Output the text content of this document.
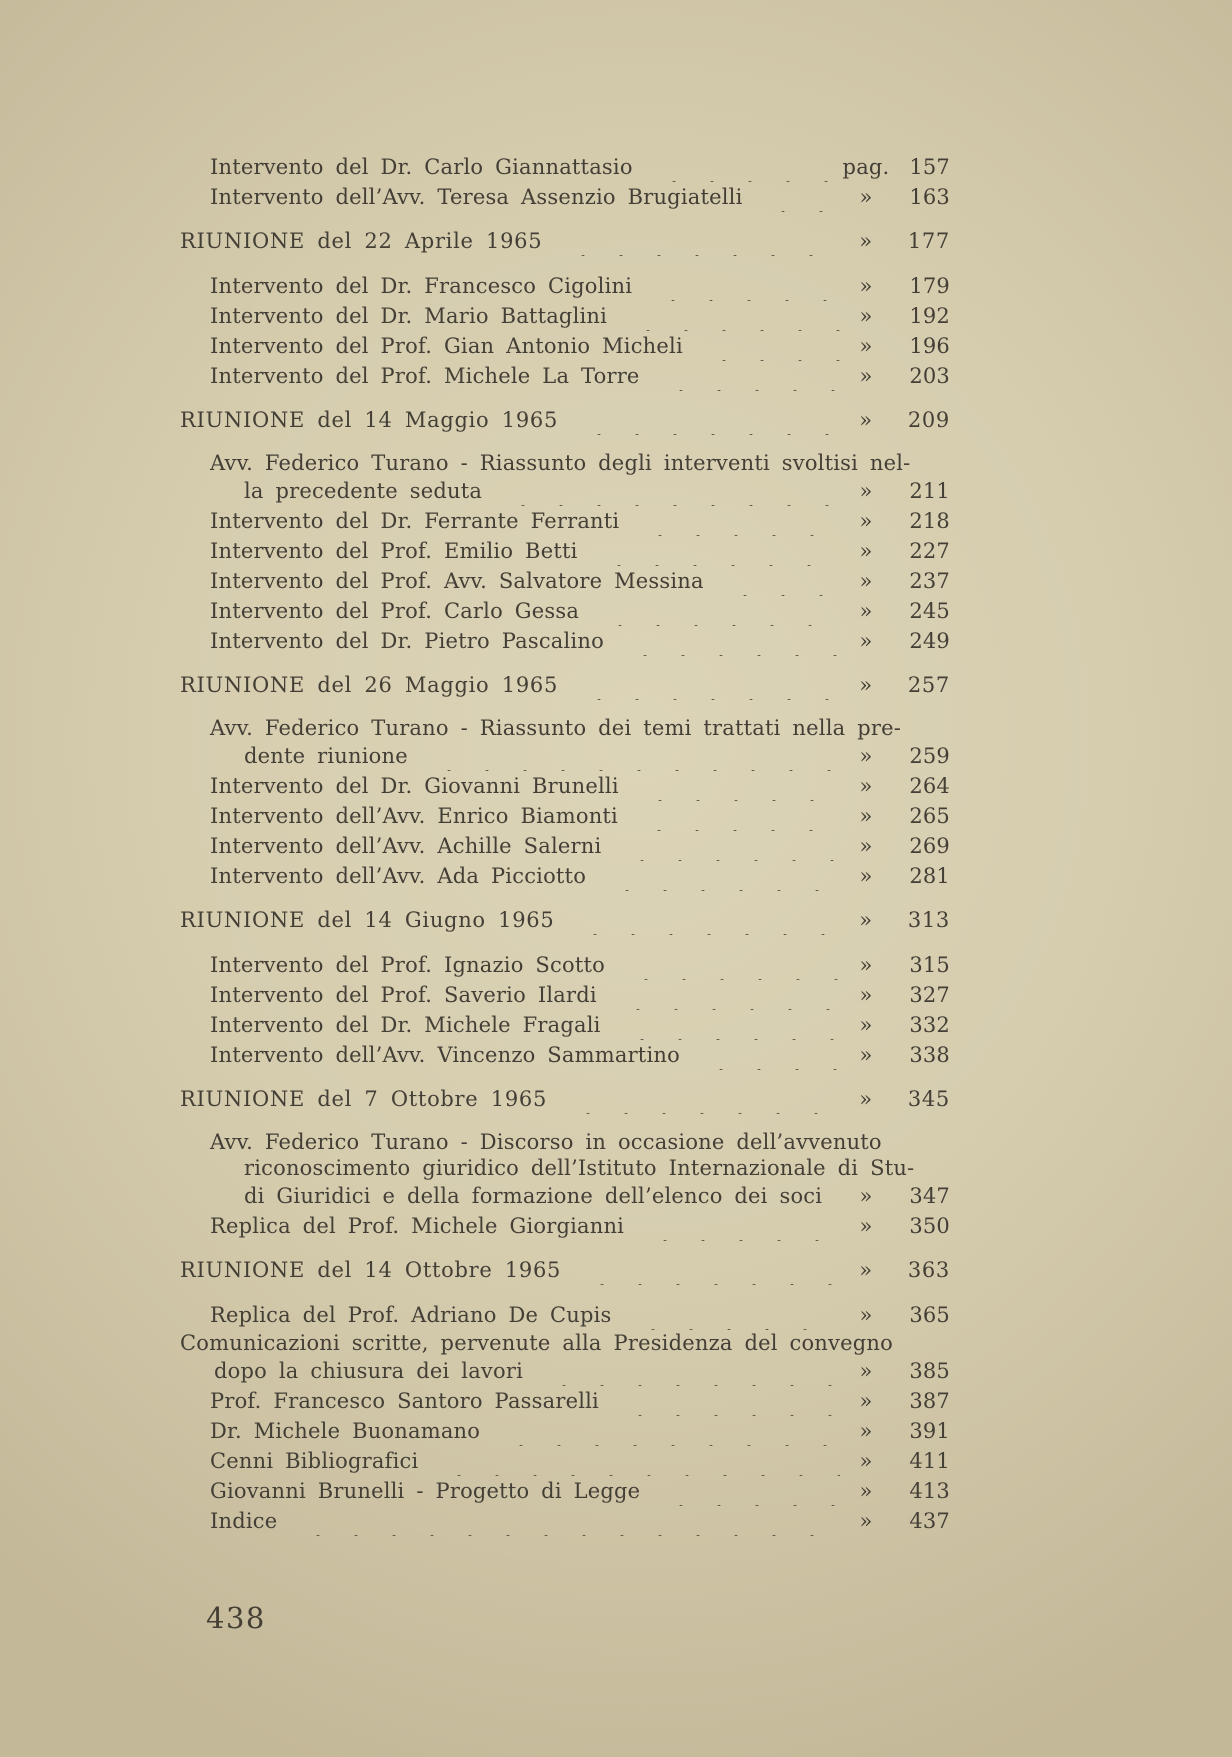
Intervento del Dr. Carlo Giannattasio	pag. 157
Intervento dell’Avv. Teresa Assenzio Brugiatelli	»	163
RIUNIONE del 22 Aprile 1965	»	177
Intervento del Dr. Francesco Cigolini	»	179
Intervento del Dr. Mario Battaglini	»	192
Intervento del Prof. Gian Antonio Micheli	»	196
Intervento del Prof. Michele La Torre	»	203
RIUNIONE del 14 Maggio 1965	»	209
Avv. Federico Turano - Riassunto degli interventi svoltisi nel-
la precedente seduta	»	211
Intervento del Dr. Ferrante Ferranti	»	218
Intervento del Prof. Emilio Betti	»	227
Intervento del Prof. Avv. Salvatore Messina	»	237
Intervento del Prof. Carlo Gessa	»	245
Intervento del Dr. Pietro Pascalino	»	249
RIUNIONE del 26 Maggio 1965	»	257
Avv. Federico Turano - Riassunto dei temi trattati nella pre-
dente riunione	»	259
Intervento del Dr. Giovanni Brunelli	»	264
Intervento dell’Avv. Enrico Biamonti	»	265
Intervento dell’Avv. Achille Salerni	»	269
Intervento dell’Avv. Ada Picciotto	»	281
RIUNIONE del 14 Giugno 1965	»	313
Intervento del Prof. Ignazio Scotto	»	315
Intervento del Prof. Saverio Ilardi	»	327
Intervento del Dr. Michele Fragali	»	332
Intervento dell’Avv. Vincenzo Sammartino	»	338
RIUNIONE del 7 Ottobre 1965	»	345
Avv. Federico Turano - Discorso in occasione dell’avvenuto
riconoscimento giuridico dell’Istituto Internazionale di Stu-
di Giuridici e della formazione dell’elenco dei soci	»	347
Replica del Prof. Michele Giorgianni	»	350
RIUNIONE del 14 Ottobre 1965	»	363
Replica del Prof. Adriano De Cupis	»	365
Comunicazioni scritte, pervenute alla Presidenza del convegno
dopo la chiusura dei lavori	»	385
Prof. Francesco Santoro Passarelli	»	387
Dr. Michele Buonamano	»	391
Cenni Bibliografici	»	411
Giovanni Brunelli - Progetto di Legge	»	413
Indice	»	437
438
